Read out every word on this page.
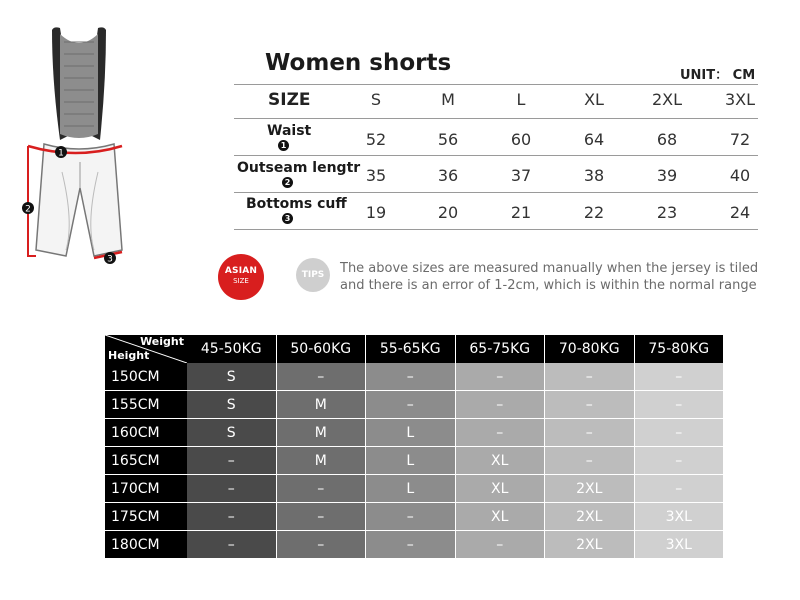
1
2
3
Women shorts	UNIT： CM
SIZE	S	M	L	XL	2XL	3XL
Waist
1	52	56	60	64	68	72
Outseam lengtr
2	35	36	37	38	39	40
Bottoms cuff
3	19	20	21	22	23	24
ASIAN
SIZE
TIPS	The above sizes are measured manually when the jersey is tiled
and there is an error of 1-2cm, which is within the normal range
Weight
Height	45-50KG	50-60KG	55-65KG	65-75KG	70-80KG	75-80KG
150CM	S	–	–	–	–	–
155CM	S	M	–	–	–	–
160CM	S	M	L	–	–	–
165CM	–	M	L	XL	–	–
170CM	–	–	L	XL	2XL	–
175CM	–	–	–	XL	2XL	3XL
180CM	–	–	–	–	2XL	3XL
